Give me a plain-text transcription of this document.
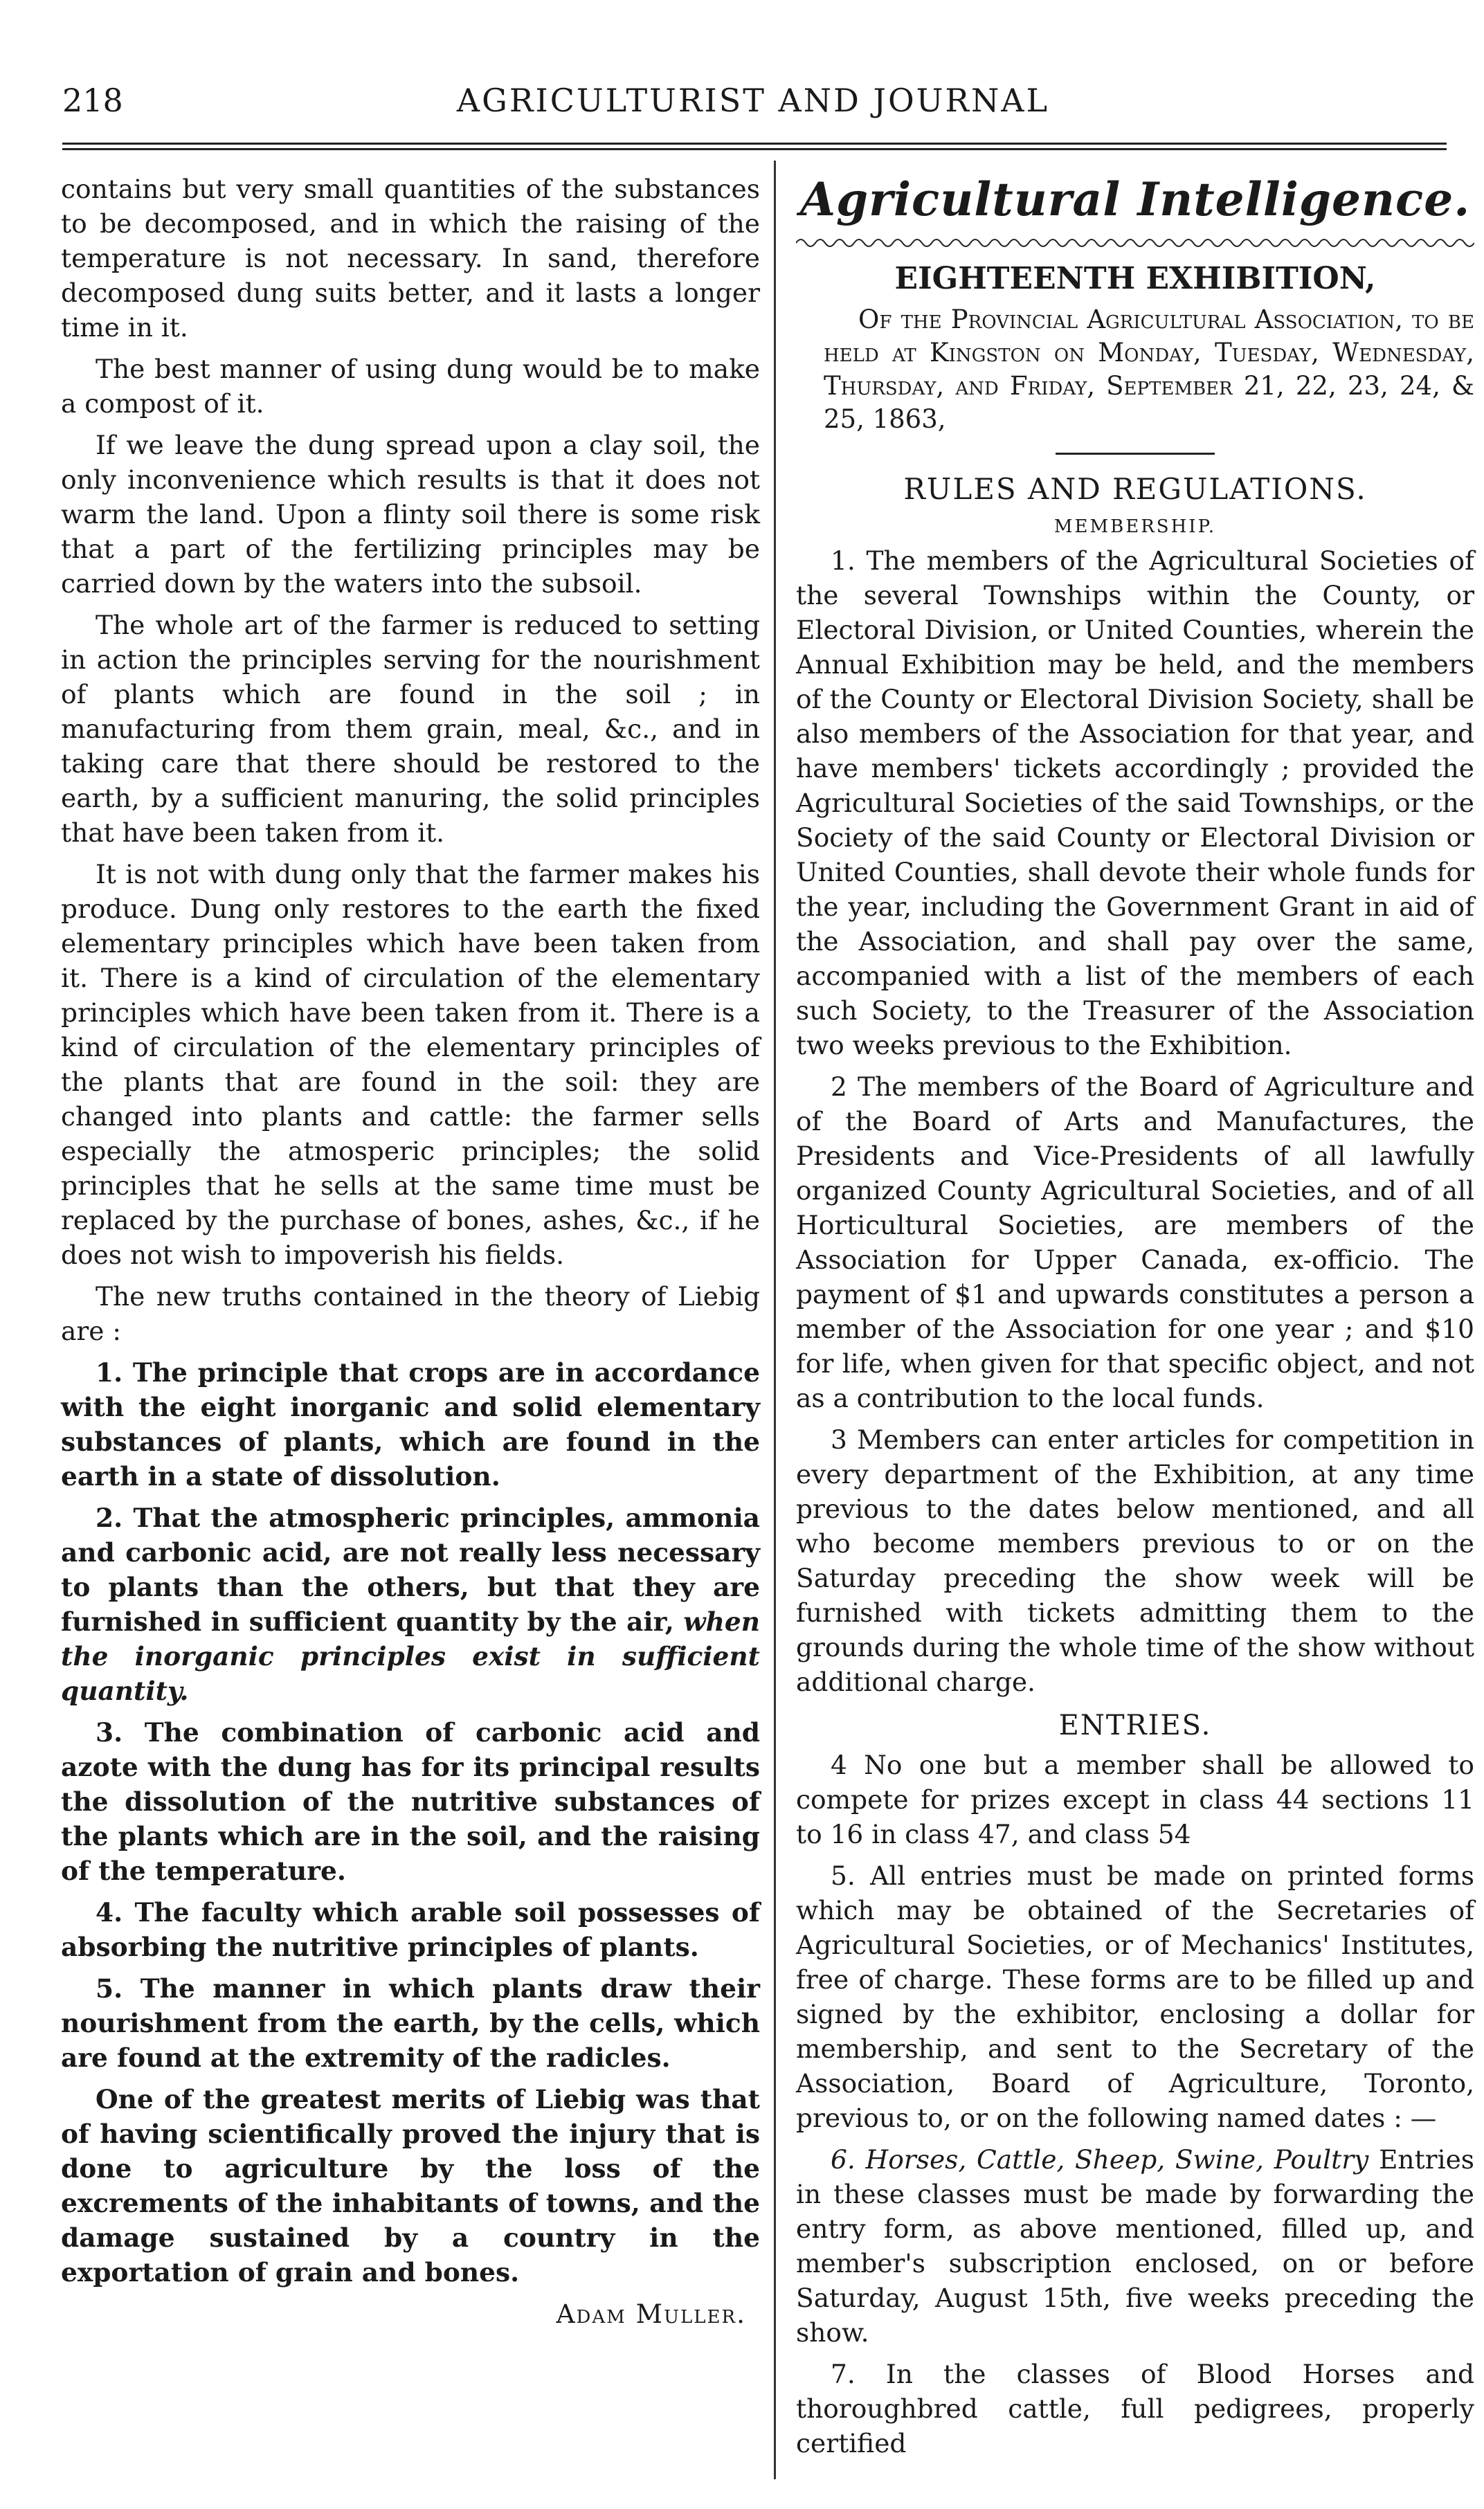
AGRICULTURIST AND JOURNAL
218

contains but very small quantities of the substances to be decomposed, and in which the raising of the temperature is not necessary. In sand, therefore decomposed dung suits better, and it lasts a longer time in it.

The best manner of using dung would be to make a compost of it.

If we leave the dung spread upon a clay soil, the only inconvenience which results is that it does not warm the land. Upon a flinty soil there is some risk that a part of the fertilizing principles may be carried down by the waters into the subsoil.

The whole art of the farmer is reduced to setting in action the principles serving for the nourishment of plants which are found in the soil ; in manufacturing from them grain, meal, &c., and in taking care that there should be restored to the earth, by a sufficient manuring, the solid principles that have been taken from it.

It is not with dung only that the farmer makes his produce. Dung only restores to the earth the fixed elementary principles which have been taken from it. There is a kind of circulation of the elementary principles which have been taken from it. There is a kind of circulation of the elementary principles of the plants that are found in the soil: they are changed into plants and cattle: the farmer sells especially the atmosperic principles; the solid principles that he sells at the same time must be replaced by the purchase of bones, ashes, &c., if he does not wish to impoverish his fields.

The new truths contained in the theory of Liebig are :

1. The principle that crops are in accordance with the eight inorganic and solid elementary substances of plants, which are found in the earth in a state of dissolution.

2. That the atmospheric principles, ammonia and carbonic acid, are not really less necessary to plants than the others, but that they are furnished in sufficient quantity by the air, when the inorganic principles exist in sufficient quantity.

3. The combination of carbonic acid and azote with the dung has for its principal results the dissolution of the nutritive substances of the plants which are in the soil, and the raising of the temperature.

4. The faculty which arable soil possesses of absorbing the nutritive principles of plants.

5. The manner in which plants draw their nourishment from the earth, by the cells, which are found at the extremity of the radicles.

One of the greatest merits of Liebig was that of having scientifically proved the injury that is done to agriculture by the loss of the excrements of the inhabitants of towns, and the damage sustained by a country in the exportation of grain and bones.

Adam Muller.
Agricultural Intelligence.
EIGHTEENTH EXHIBITION,

Of the Provincial Agricultural Association, to be held at Kingston on Monday, Tuesday, Wednesday, Thursday, and Friday, September 21, 22, 23, 24, & 25, 1863,

RULES AND REGULATIONS.
MEMBERSHIP.

1. The members of the Agricultural Societies of the several Townships within the County, or Electoral Division, or United Counties, wherein the Annual Exhibition may be held, and the members of the County or Electoral Division Society, shall be also members of the Association for that year, and have members' tickets accordingly ; provided the Agricultural Societies of the said Townships, or the Society of the said County or Electoral Division or United Counties, shall devote their whole funds for the year, including the Government Grant in aid of the Association, and shall pay over the same, accompanied with a list of the members of each such Society, to the Treasurer of the Association two weeks previous to the Exhibition.

2 The members of the Board of Agriculture and of the Board of Arts and Manufactures, the Presidents and Vice-Presidents of all lawfully organized County Agricultural Societies, and of all Horticultural Societies, are members of the Association for Upper Canada, ex-officio. The payment of $1 and upwards constitutes a person a member of the Association for one year ; and $10 for life, when given for that specific object, and not as a contribution to the local funds.

3 Members can enter articles for competition in every department of the Exhibition, at any time previous to the dates below mentioned, and all who become members previous to or on the Saturday preceding the show week will be furnished with tickets admitting them to the grounds during the whole time of the show without additional charge.

ENTRIES.

4 No one but a member shall be allowed to compete for prizes except in class 44 sections 11 to 16 in class 47, and class 54

5. All entries must be made on printed forms which may be obtained of the Secretaries of Agricultural Societies, or of Mechanics' Institutes, free of charge. These forms are to be filled up and signed by the exhibitor, enclosing a dollar for membership, and sent to the Secretary of the Association, Board of Agriculture, Toronto, previous to, or on the following named dates : —

6. Horses, Cattle, Sheep, Swine, Poultry Entries in these classes must be made by forwarding the entry form, as above mentioned, filled up, and member's subscription enclosed, on or before Saturday, August 15th, five weeks preceding the show.

7. In the classes of Blood Horses and thoroughbred cattle, full pedigrees, properly certified
